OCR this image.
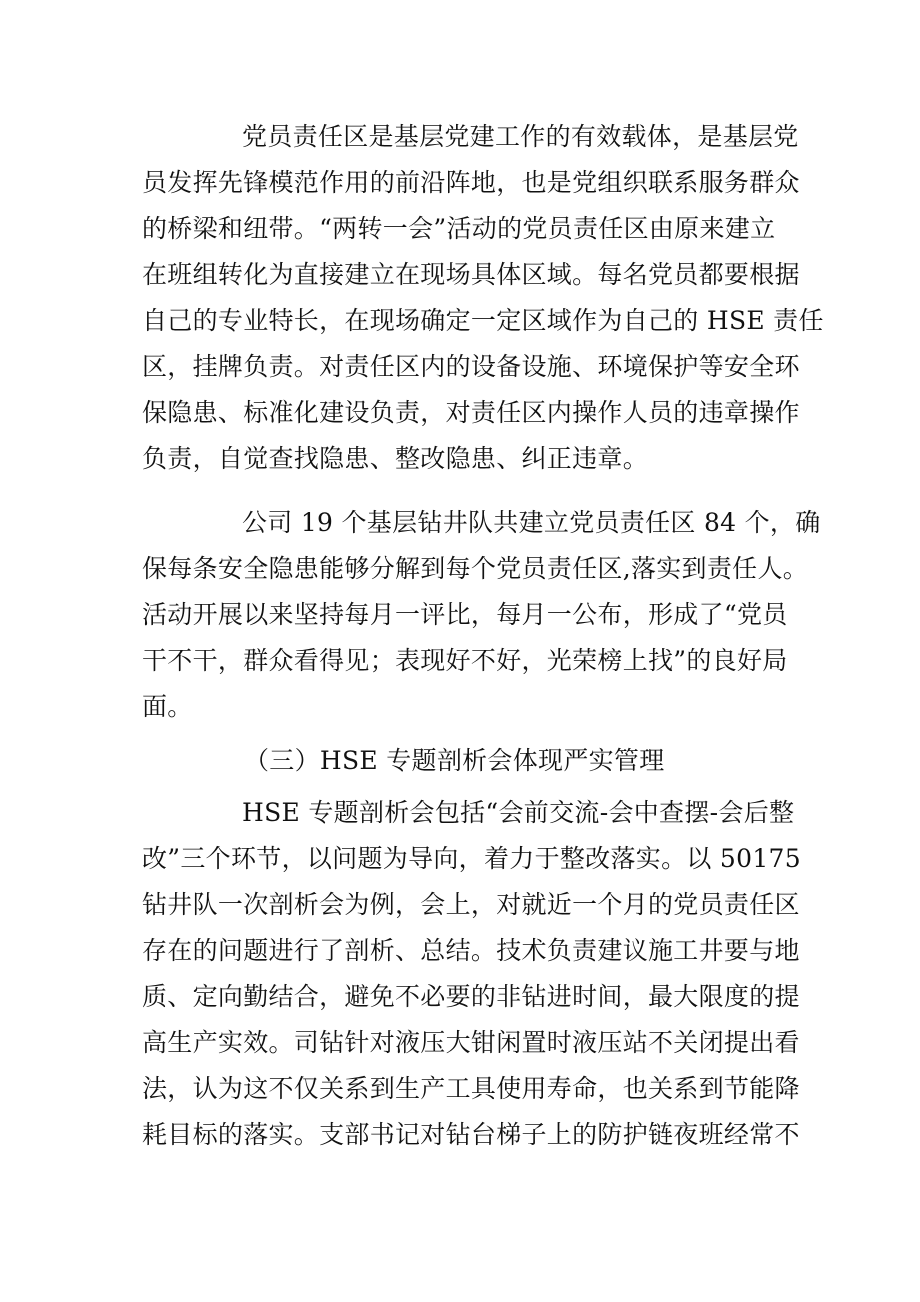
党员责任区是基层党建工作的有效载体，是基层党

员发挥先锋模范作用的前沿阵地，也是党组织联系服务群众

的桥梁和纽带。“两转一会”活动的党员责任区由原来建立

在班组转化为直接建立在现场具体区域。每名党员都要根据

自己的专业特长，在现场确定一定区域作为自己的 HSE 责任

区，挂牌负责。对责任区内的设备设施、环境保护等安全环

保隐患、标准化建设负责，对责任区内操作人员的违章操作

负责，自觉查找隐患、整改隐患、纠正违章。

公司 19 个基层钻井队共建立党员责任区 84 个，确

保每条安全隐患能够分解到每个党员责任区,落实到责任人。

活动开展以来坚持每月一评比，每月一公布，形成了“党员

干不干，群众看得见；表现好不好，光荣榜上找”的良好局

面。

（三）HSE 专题剖析会体现严实管理

HSE 专题剖析会包括“会前交流-会中查摆-会后整

改”三个环节，以问题为导向，着力于整改落实。以 50175

钻井队一次剖析会为例，会上，对就近一个月的党员责任区

存在的问题进行了剖析、总结。技术负责建议施工井要与地

质、定向勤结合，避免不必要的非钻进时间，最大限度的提

高生产实效。司钻针对液压大钳闲置时液压站不关闭提出看

法，认为这不仅关系到生产工具使用寿命，也关系到节能降

耗目标的落实。支部书记对钻台梯子上的防护链夜班经常不
